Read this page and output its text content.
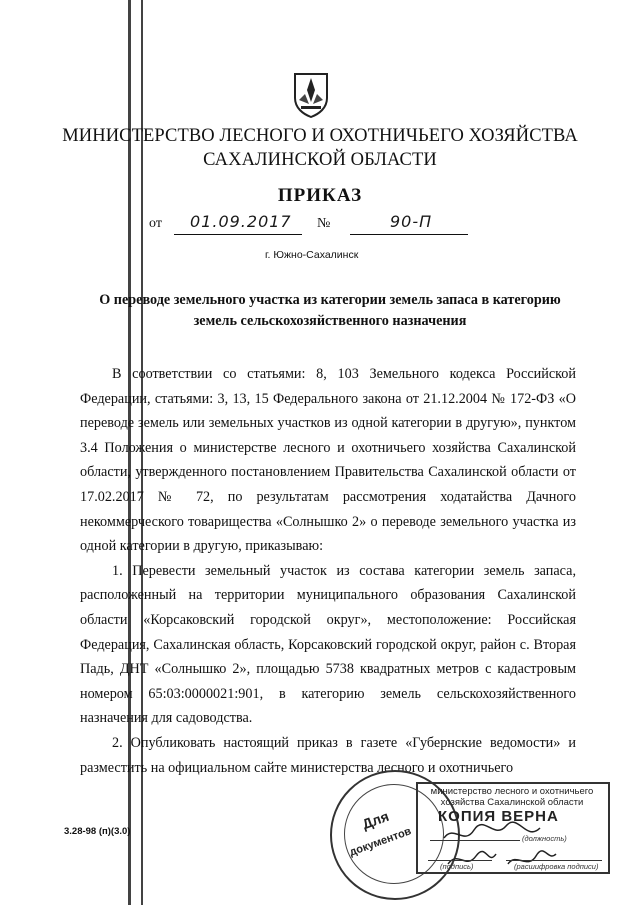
МИНИСТЕРСТВО ЛЕСНОГО И ОХОТНИЧЬЕГО ХОЗЯЙСТВА
САХАЛИНСКОЙ ОБЛАСТИ
ПРИКАЗ
от 01.09.2017 №	90-П
г. Южно-Сахалинск
О переводе земельного участка из категории земель запаса в категорию
земель сельскохозяйственного назначения

В соответствии со статьями: 8, 103 Земельного кодекса Российской Федерации, статьями: 3, 13, 15 Федерального закона от 21.12.2004 № 172-ФЗ «О переводе земель или земельных участков из одной категории в другую», пунктом 3.4 Положения о министерстве лесного и охотничьего хозяйства Сахалинской области, утвержденного постановлением Правительства Сахалинской области от 17.02.2017 № 72, по результатам рассмотрения ходатайства Дачного некоммерческого товарищества «Солнышко 2» о переводе земельного участка из одной категории в другую, приказываю:

1. Перевести земельный участок из состава категории земель запаса, расположенный на территории муниципального образования Сахалинской области «Корсаковский городской округ», местоположение: Российская Федерация, Сахалинская область, Корсаковский городской округ, район с. Вторая Падь, ДНТ «Солнышко 2», площадью 5738 квадратных метров с кадастровым номером 65:03:0000021:901, в категорию земель сельскохозяйственного назначения для садоводства.

2. Опубликовать настоящий приказ в газете «Губернские ведомости» и разместить на официальном сайте министерства лесного и охотничьего

3.28-98 (п)(3.0)	Для
документов
министерство лесного и охотничьего хозяйства Сахалинской области
КОПИЯ ВЕРНА
(должность)
(подпись)	(расшифровка подписи)
